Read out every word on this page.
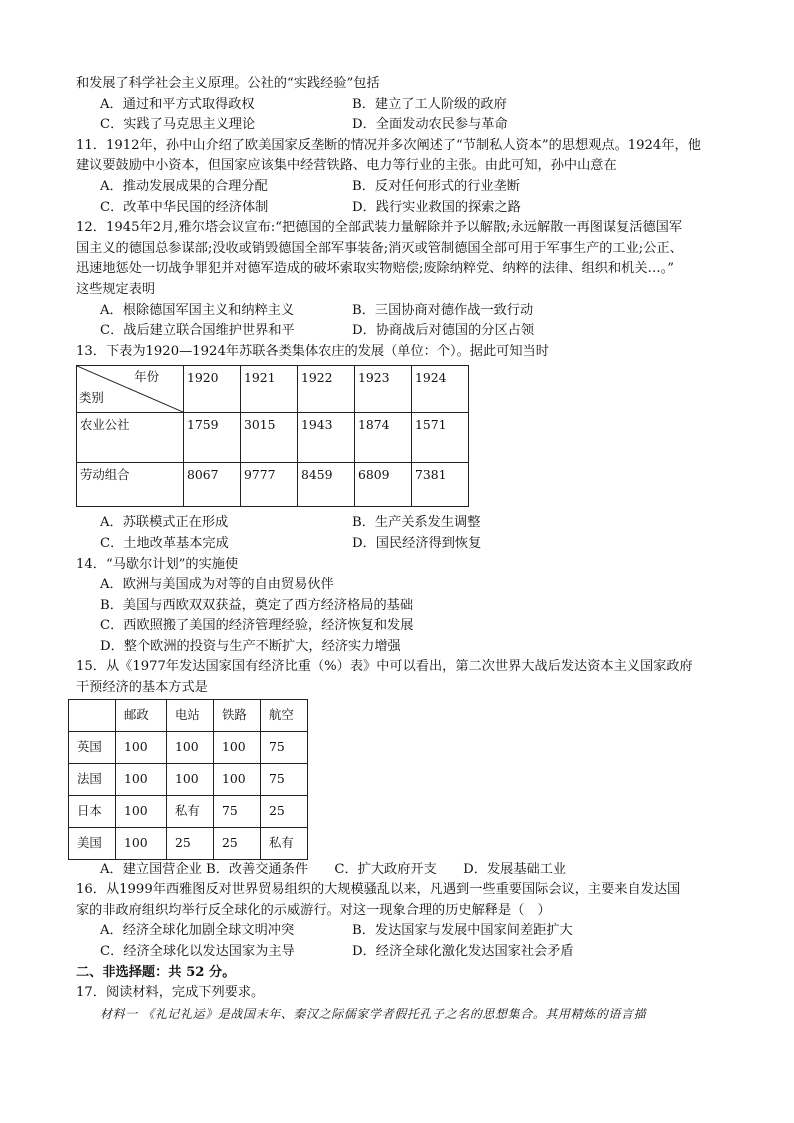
和发展了科学社会主义原理。公社的“实践经验”包括
A．通过和平方式取得政权	B．建立了工人阶级的政府
C．实践了马克思主义理论	D．全面发动农民参与革命
11．1912年，孙中山介绍了欧美国家反垄断的情况并多次阐述了“节制私人资本”的思想观点。1924年，他
建议要鼓励中小资本，但国家应该集中经营铁路、电力等行业的主张。由此可知，孙中山意在
A．推动发展成果的合理分配	B．反对任何形式的行业垄断
C．改革中华民国的经济体制	D．践行实业救国的探索之路
12．1945年2月,雅尔塔会议宣布:“把德国的全部武装力量解除并予以解散;永远解散一再图谋复活德国军
国主义的德国总参谋部;没收或销毁德国全部军事装备;消灭或管制德国全部可用于军事生产的工业;公正、
迅速地惩处一切战争罪犯并对德军造成的破坏索取实物赔偿;废除纳粹党、纳粹的法律、组织和机关…。”
这些规定表明
A．根除德国军国主义和纳粹主义	B．三国协商对德作战一致行动
C．战后建立联合国维护世界和平	D．协商战后对德国的分区占领
13．下表为1920—1924年苏联各类集体农庄的发展（单位：个）。据此可知当时
年份
类别	1920	1921	1922	1923	1924
农业公社	1759	3015	1943	1874	1571
劳动组合	8067	9777	8459	6809	7381
A．苏联模式正在形成	B．生产关系发生调整
C．土地改革基本完成	D．国民经济得到恢复
14．“马歇尔计划”的实施使
A．欧洲与美国成为对等的自由贸易伙伴
B．美国与西欧双双获益，奠定了西方经济格局的基础
C．西欧照搬了美国的经济管理经验，经济恢复和发展
D．整个欧洲的投资与生产不断扩大，经济实力增强
15．从《1977年发达国家国有经济比重（%）表》中可以看出，第二次世界大战后发达资本主义国家政府
干预经济的基本方式是
	邮政	电站	铁路	航空
英国	100	100	100	75
法国	100	100	100	75
日本	100	私有	75	25
美国	100	25	25	私有
A．建立国营企业 B．改善交通条件　　C．扩大政府开支　　D．发展基础工业
16．从1999年西雅图反对世界贸易组织的大规模骚乱以来，凡遇到一些重要国际会议，主要来自发达国
家的非政府组织均举行反全球化的示威游行。对这一现象合理的历史解释是（　）
A．经济全球化加剧全球文明冲突	B．发达国家与发展中国家间差距扩大
C．经济全球化以发达国家为主导	D．经济全球化激化发达国家社会矛盾
二、非选择题：共 52 分。
17．阅读材料，完成下列要求。
材料一 《礼记礼运》是战国末年、秦汉之际儒家学者假托孔子之名的思想集合。其用精炼的语言描
